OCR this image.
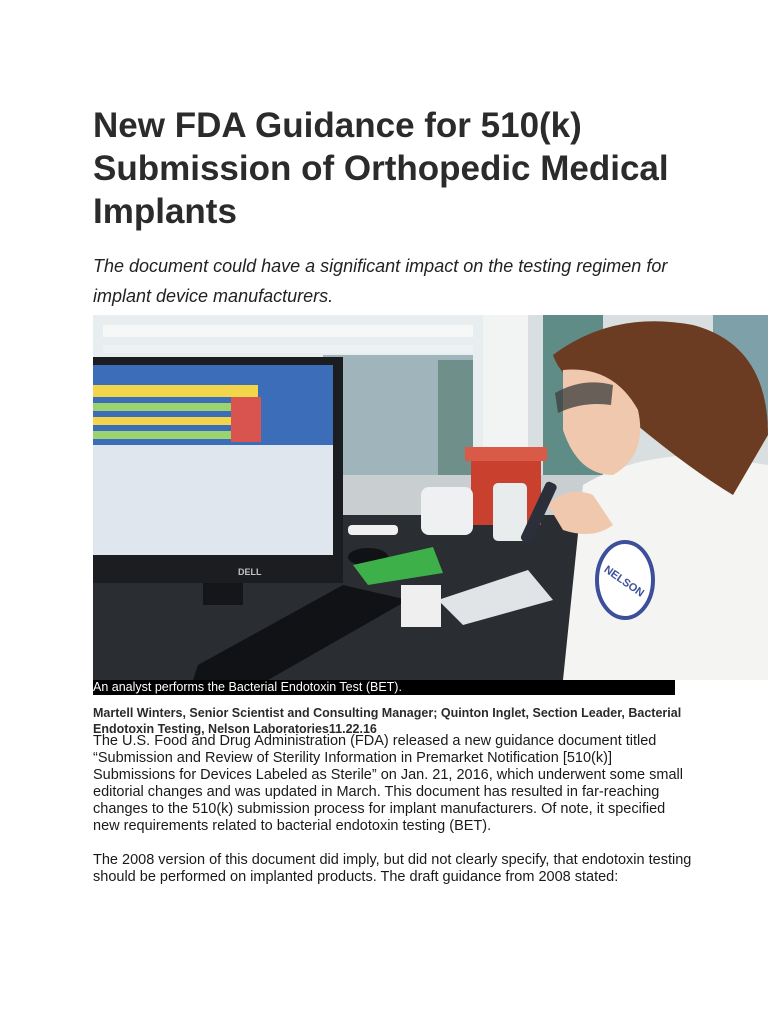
New FDA Guidance for 510(k) Submission of Orthopedic Medical Implants

The document could have a significant impact on the testing regimen for implant device manufacturers.

DELL	NELSON
An analyst performs the Bacterial Endotoxin Test (BET).

Martell Winters, Senior Scientist and Consulting Manager; Quinton Inglet, Section Leader, Bacterial Endotoxin Testing, Nelson Laboratories11.22.16

The U.S. Food and Drug Administration (FDA) released a new guidance document titled “Submission and Review of Sterility Information in Premarket Notification [510(k)] Submissions for Devices Labeled as Sterile” on Jan. 21, 2016, which underwent some small editorial changes and was updated in March. This document has resulted in far-reaching changes to the 510(k) submission process for implant manufacturers. Of note, it specified new requirements related to bacterial endotoxin testing (BET).

The 2008 version of this document did imply, but did not clearly specify, that endotoxin testing should be performed on implanted products. The draft guidance from 2008 stated:
